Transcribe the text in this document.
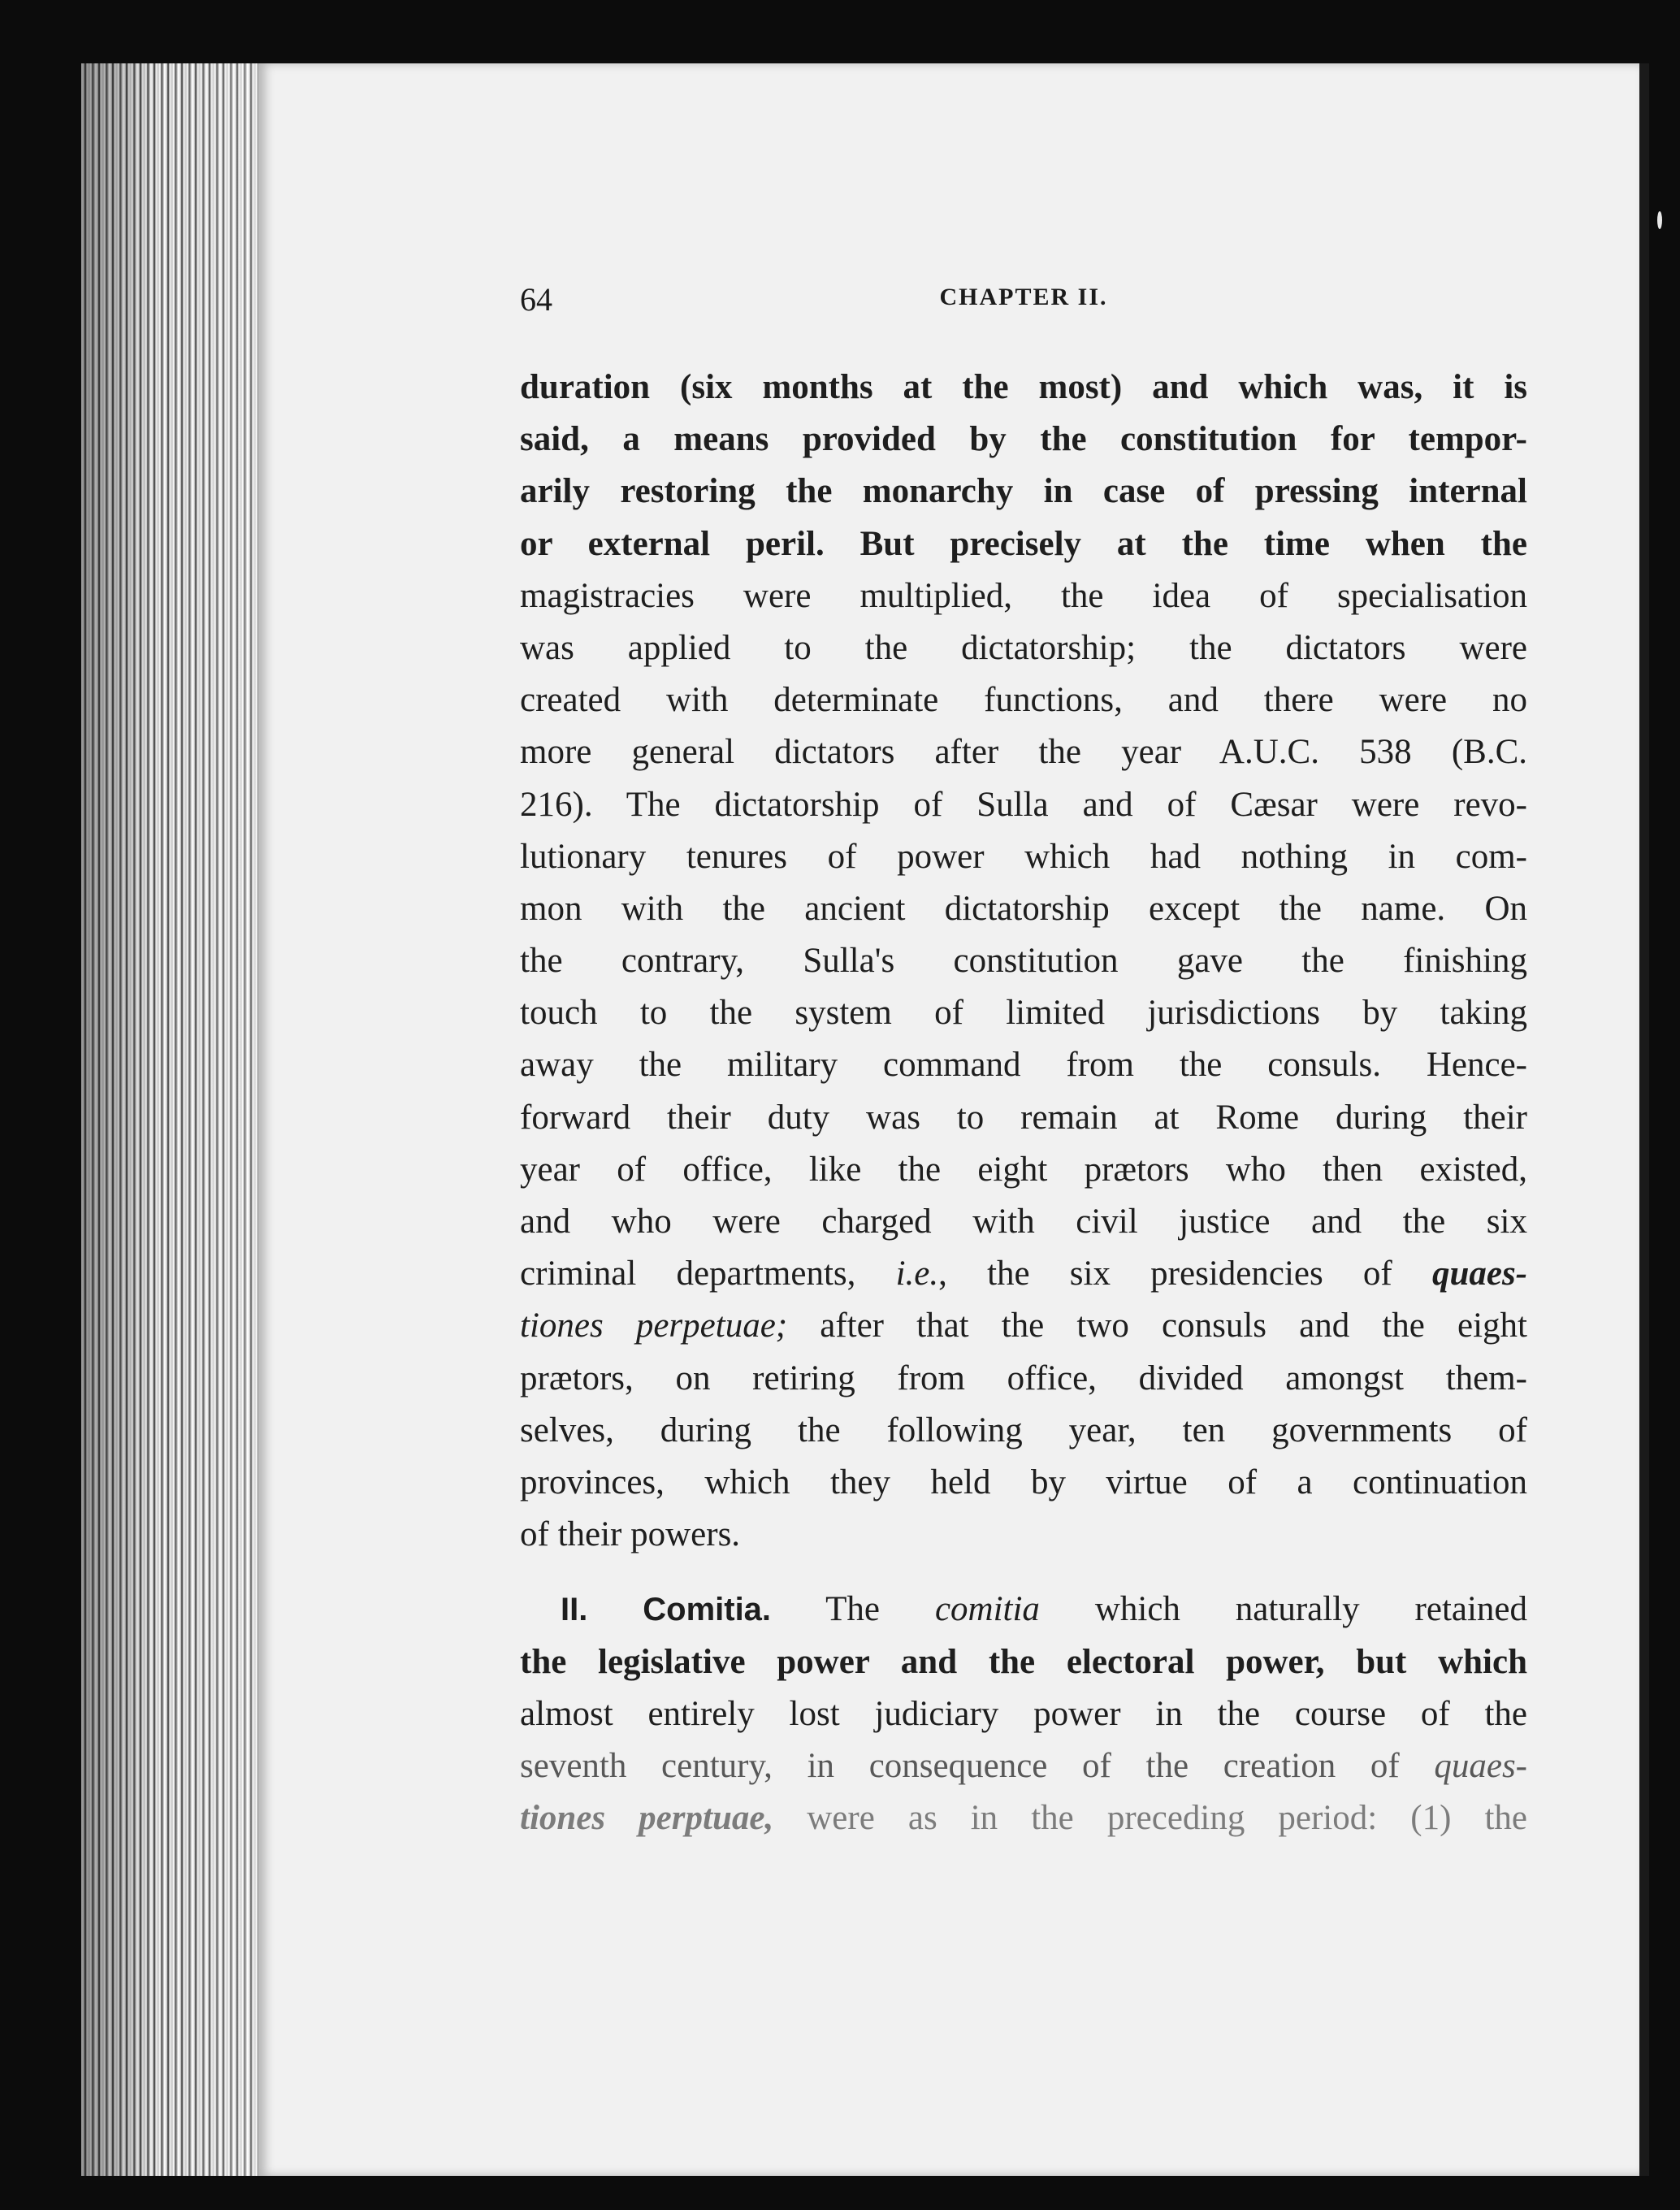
64	CHAPTER II.
duration (six months at the most) and which was, it is
said, a means provided by the constitution for tempor-
arily restoring the monarchy in case of pressing internal
or external peril. But precisely at the time when the
magistracies were multiplied, the idea of specialisation
was applied to the dictatorship; the dictators were
created with determinate functions, and there were no
more general dictators after the year A.U.C. 538 (B.C.
216). The dictatorship of Sulla and of Cæsar were revo-
lutionary tenures of power which had nothing in com-
mon with the ancient dictatorship except the name. On
the contrary, Sulla's constitution gave the finishing
touch to the system of limited jurisdictions by taking
away the military command from the consuls. Hence-
forward their duty was to remain at Rome during their
year of office, like the eight prætors who then existed,
and who were charged with civil justice and the six
criminal departments, i.e., the six presidencies of quaes-
tiones perpetuae; after that the two consuls and the eight
prætors, on retiring from office, divided amongst them-
selves, during the following year, ten governments of
provinces, which they held by virtue of a continuation
of their powers.
II. Comitia. The comitia which naturally retained
the legislative power and the electoral power, but which
almost entirely lost judiciary power in the course of the
seventh century, in consequence of the creation of quaes-
tiones perptuae, were as in the preceding period: (1) the
